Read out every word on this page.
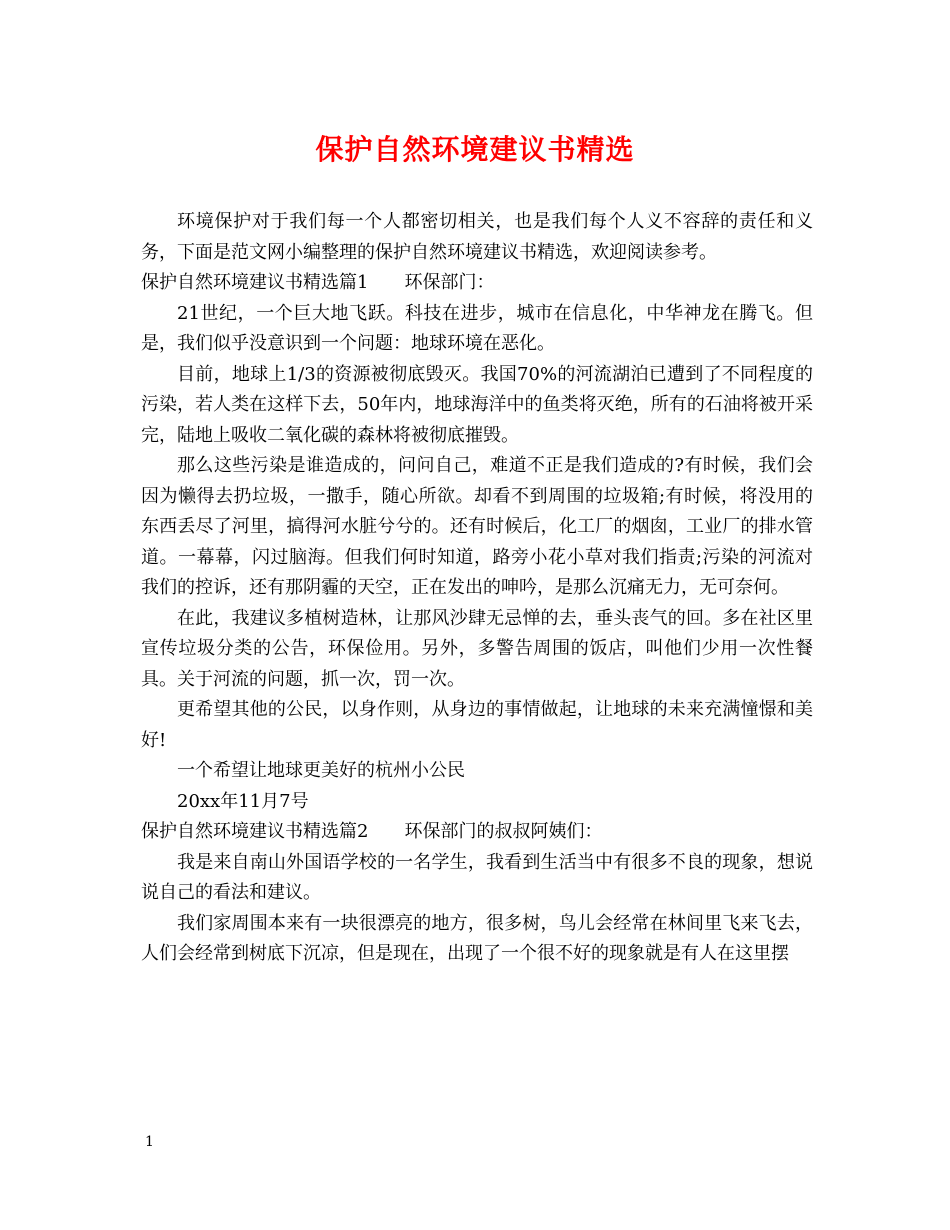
保护自然环境建议书精选

环境保护对于我们每一个人都密切相关，也是我们每个人义不容辞的责任和义务，下面是范文网小编整理的保护自然环境建议书精选，欢迎阅读参考。

保护自然环境建议书精选篇1 环保部门：

21世纪，一个巨大地飞跃。科技在进步，城市在信息化，中华神龙在腾飞。但是，我们似乎没意识到一个问题：地球环境在恶化。

目前，地球上1/3的资源被彻底毁灭。我国70%的河流湖泊已遭到了不同程度的污染，若人类在这样下去，50年内，地球海洋中的鱼类将灭绝，所有的石油将被开采完，陆地上吸收二氧化碳的森林将被彻底摧毁。

那么这些污染是谁造成的，问问自己，难道不正是我们造成的?有时候，我们会因为懒得去扔垃圾，一撒手，随心所欲。却看不到周围的垃圾箱;有时候，将没用的东西丢尽了河里，搞得河水脏兮兮的。还有时候后，化工厂的烟囱，工业厂的排水管道。一幕幕，闪过脑海。但我们何时知道，路旁小花小草对我们指责;污染的河流对我们的控诉，还有那阴霾的天空，正在发出的呻吟，是那么沉痛无力，无可奈何。

在此，我建议多植树造林，让那风沙肆无忌惮的去，垂头丧气的回。多在社区里宣传垃圾分类的公告，环保俭用。另外，多警告周围的饭店，叫他们少用一次性餐具。关于河流的问题，抓一次，罚一次。

更希望其他的公民，以身作则，从身边的事情做起，让地球的未来充满憧憬和美好!

一个希望让地球更美好的杭州小公民

20xx年11月7号

保护自然环境建议书精选篇2 环保部门的叔叔阿姨们：

我是来自南山外国语学校的一名学生，我看到生活当中有很多不良的现象，想说说自己的看法和建议。

我们家周围本来有一块很漂亮的地方，很多树，鸟儿会经常在林间里飞来飞去，人们会经常到树底下沉凉，但是现在，出现了一个很不好的现象就是有人在这里摆

1
